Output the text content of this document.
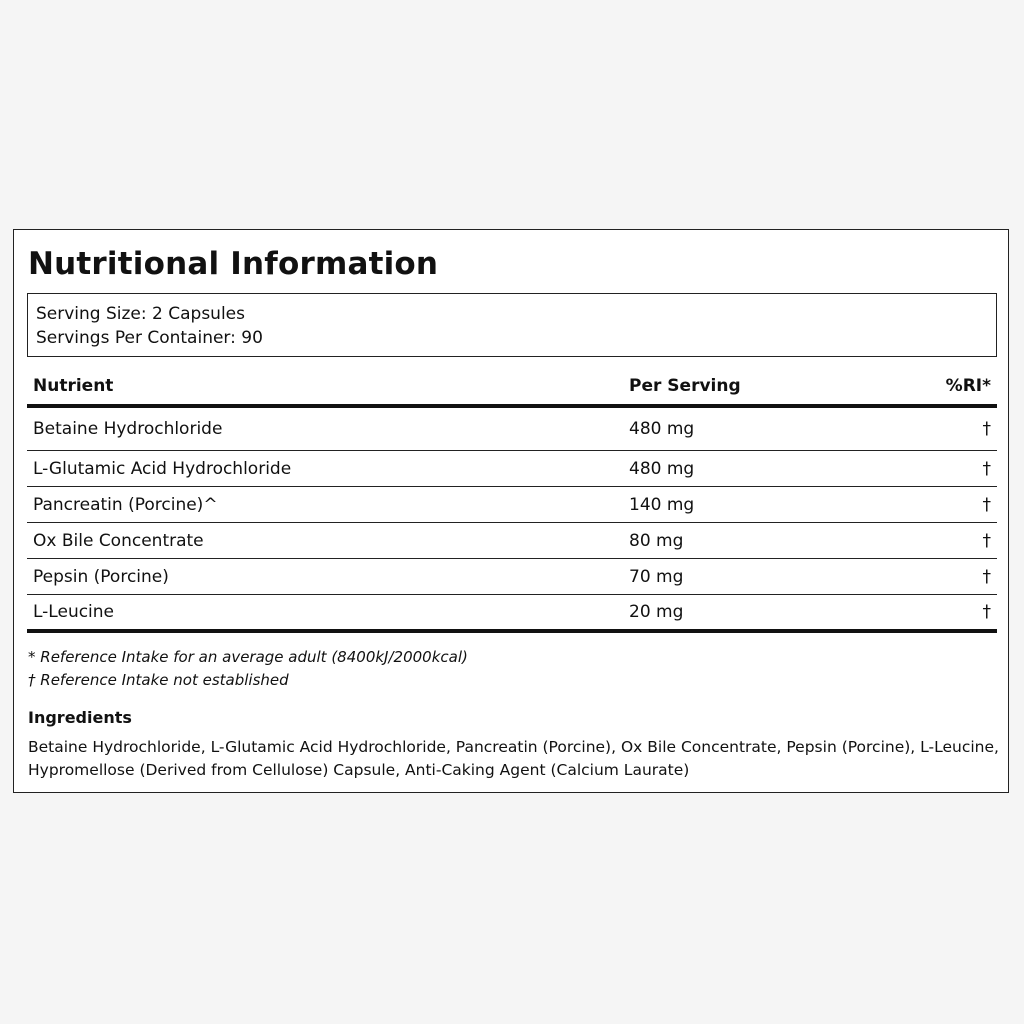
Nutritional Information
Serving Size: 2 Capsules
Servings Per Container: 90
Nutrient	Per Serving	%RI*
Betaine Hydrochloride	480 mg	†
L-Glutamic Acid Hydrochloride	480 mg	†
Pancreatin (Porcine)^	140 mg	†
Ox Bile Concentrate	80 mg	†
Pepsin (Porcine)	70 mg	†
L-Leucine	20 mg	†
* Reference Intake for an average adult (8400kJ/2000kcal)
† Reference Intake not established
Ingredients
Betaine Hydrochloride, L-Glutamic Acid Hydrochloride, Pancreatin (Porcine), Ox Bile Concentrate, Pepsin (Porcine), L-Leucine, Hypromellose (Derived from Cellulose) Capsule, Anti-Caking Agent (Calcium Laurate)
